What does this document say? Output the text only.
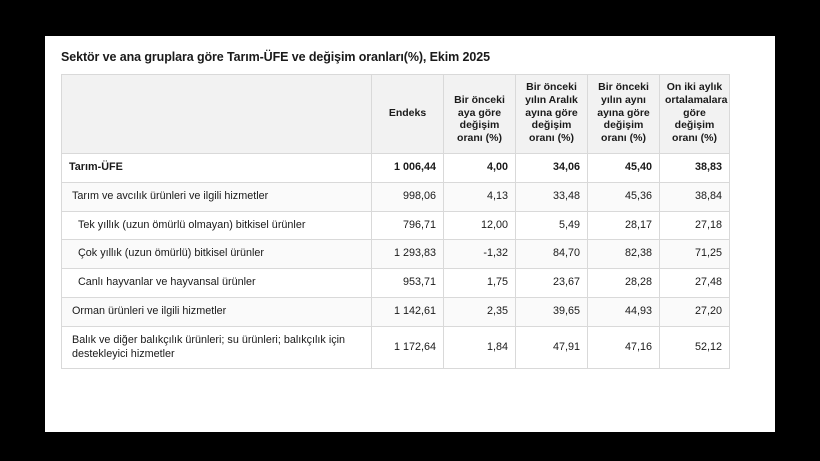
Sektör ve ana gruplara göre Tarım-ÜFE ve değişim oranları(%), Ekim 2025
	Endeks	Bir önceki aya göre değişim oranı (%)	Bir önceki yılın Aralık ayına göre değişim oranı (%)	Bir önceki yılın aynı ayına göre değişim oranı (%)	On iki aylık ortalamalara göre değişim oranı (%)
Tarım-ÜFE	1 006,44	4,00	34,06	45,40	38,83
Tarım ve avcılık ürünleri ve ilgili hizmetler	998,06	4,13	33,48	45,36	38,84
Tek yıllık (uzun ömürlü olmayan) bitkisel ürünler	796,71	12,00	5,49	28,17	27,18
Çok yıllık (uzun ömürlü) bitkisel ürünler	1 293,83	-1,32	84,70	82,38	71,25
Canlı hayvanlar ve hayvansal ürünler	953,71	1,75	23,67	28,28	27,48
Orman ürünleri ve ilgili hizmetler	1 142,61	2,35	39,65	44,93	27,20
Balık ve diğer balıkçılık ürünleri; su ürünleri; balıkçılık için destekleyici hizmetler	1 172,64	1,84	47,91	47,16	52,12
